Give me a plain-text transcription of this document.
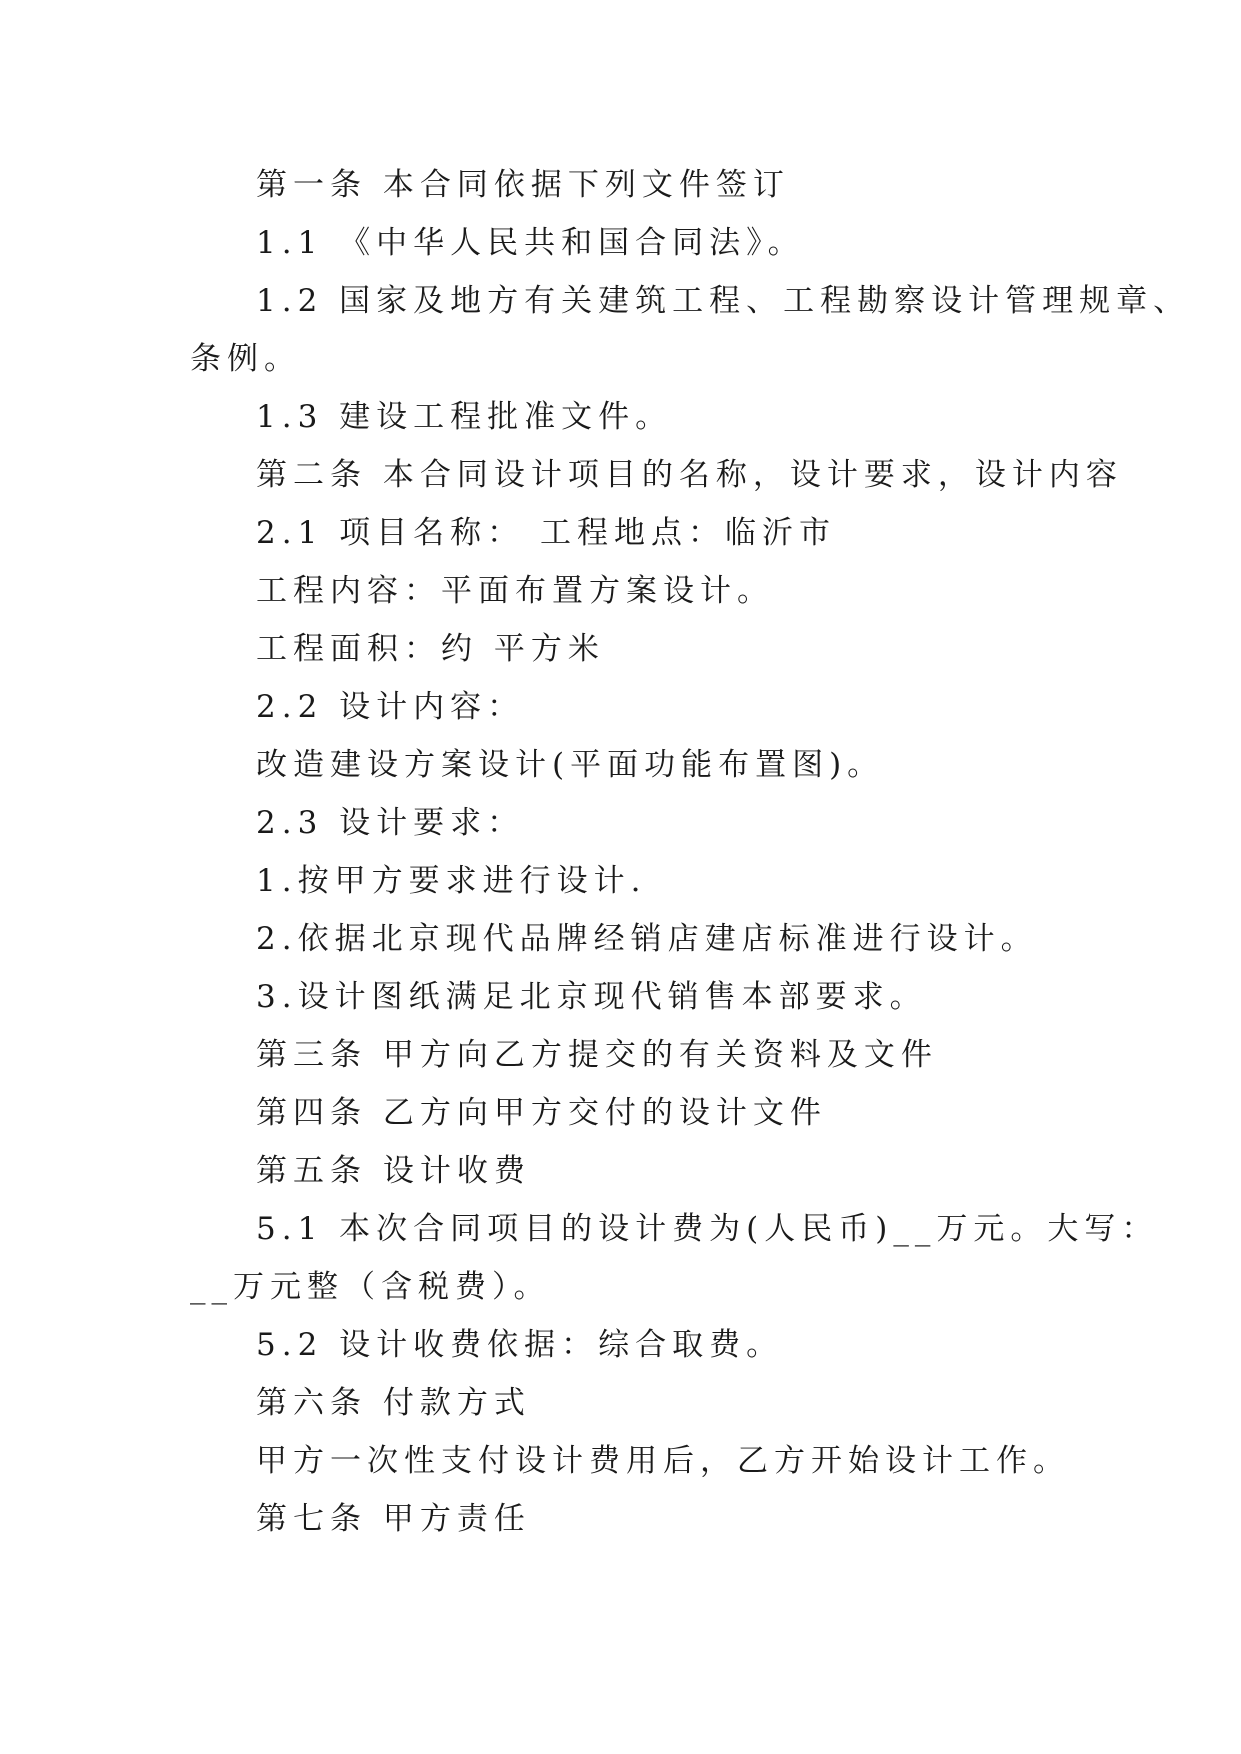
第一条 本合同依据下列文件签订
1.1 《中华人民共和国合同法》。
1.2 国家及地方有关建筑工程、工程勘察设计管理规章、
条例。
1.3 建设工程批准文件。
第二条 本合同设计项目的名称，设计要求，设计内容
2.1 项目名称： 工程地点：临沂市
工程内容：平面布置方案设计。
工程面积：约 平方米
2.2 设计内容：
改造建设方案设计(平面功能布置图)。
2.3 设计要求：
1.按甲方要求进行设计.
2.依据北京现代品牌经销店建店标准进行设计。
3.设计图纸满足北京现代销售本部要求。
第三条 甲方向乙方提交的有关资料及文件
第四条 乙方向甲方交付的设计文件
第五条 设计收费
5.1 本次合同项目的设计费为(人民币)__万元。大写：
__万元整（含税费）。
5.2 设计收费依据：综合取费。
第六条 付款方式
甲方一次性支付设计费用后，乙方开始设计工作。
第七条 甲方责任
